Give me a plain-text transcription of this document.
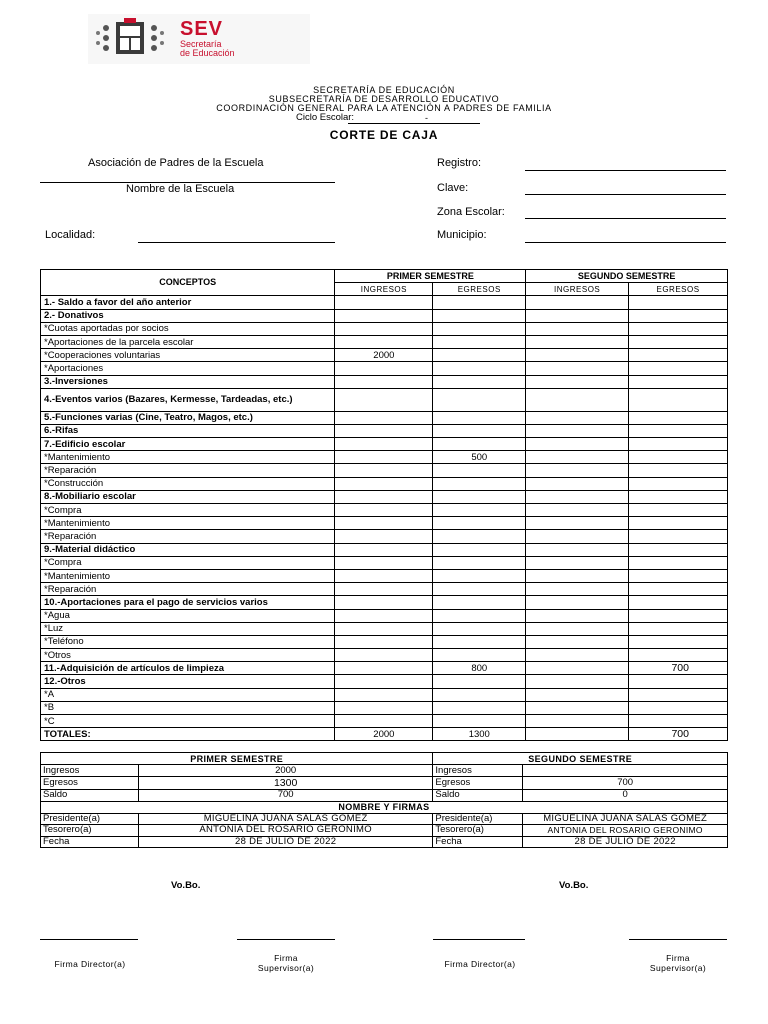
SEV
Secretaría
de Educación
SECRETARÍA DE EDUCACIÓN
SUBSECRETARÍA DE DESARROLLO EDUCATIVO
COORDINACIÓN GENERAL PARA LA ATENCIÓN A PADRES DE FAMILIA
Ciclo Escolar:	-
CORTE DE CAJA
Asociación de Padres de la Escuela
Nombre de la Escuela
Localidad:
Registro:
Clave:
Zona Escolar:
Municipio:
CONCEPTOS	PRIMER SEMESTRE		SEGUNDO SEMESTRE	
	INGRESOS	EGRESOS	INGRESOS	EGRESOS
1.- Saldo a favor del año anterior				
2.- Donativos				
*Cuotas aportadas por socios				
*Aportaciones de la parcela escolar				
*Cooperaciones voluntarias	2000			
*Aportaciones				
3.-Inversiones				
4.-Eventos varios (Bazares, Kermesse, Tardeadas, etc.)				
5.-Funciones varias (Cine, Teatro, Magos, etc.)				
6.-Rifas				
7.-Edificio escolar				
*Mantenimiento		500		
*Reparación				
*Construcción				
8.-Mobiliario escolar				
*Compra				
*Mantenimiento				
*Reparación				
9.-Material didáctico				
*Compra				
*Mantenimiento				
*Reparación				
10.-Aportaciones para el pago de servicios varios				
*Agua				
*Luz				
*Teléfono				
*Otros				
11.-Adquisición de artículos de limpieza		800		700
12.-Otros				
*A				
*B				
*C				
TOTALES:	2000	1300		700
PRIMER SEMESTRE		SEGUNDO SEMESTRE	
Ingresos	2000	Ingresos	
Egresos	1300	Egresos	700
Saldo	700	Saldo	0
NOMBRE Y FIRMAS			
Presidente(a)	MIGUELINA JUANA SALAS GOMEZ	Presidente(a)	MIGUELINA JUANA SALAS GOMEZ
Tesorero(a)	ANTONIA DEL ROSARIO GERONIMO	Tesorero(a)	ANTONIA DEL ROSARIO GERONIMO
Fecha	28 DE JULIO DE 2022	Fecha	28 DE JULIO DE 2022
Vo.Bo.	Vo.Bo.
Firma Director(a)
Firma
Supervisor(a)	Firma Director(a)
Firma
Supervisor(a)
